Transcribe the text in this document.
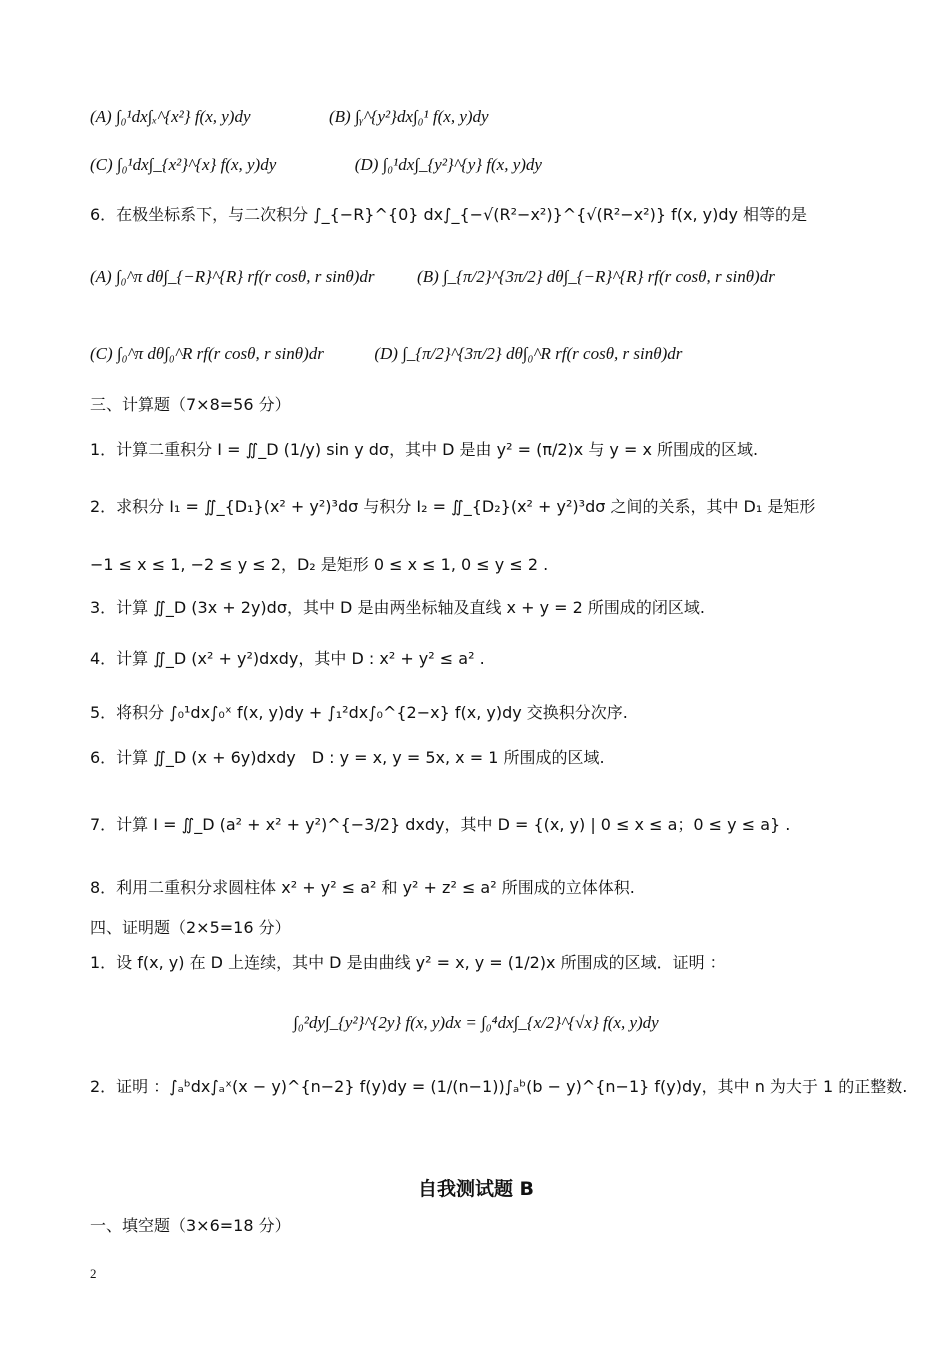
(A) ∫₀¹dx∫ₓ^{x²} f(x, y)dy	(B) ∫ᵧ^{y²}dx∫₀¹ f(x, y)dy
(C) ∫₀¹dx∫_{x²}^{x} f(x, y)dy	(D) ∫₀¹dx∫_{y²}^{y} f(x, y)dy
6．在极坐标系下，与二次积分 ∫_{−R}^{0} dx∫_{−√(R²−x²)}^{√(R²−x²)} f(x, y)dy 相等的是
(A) ∫₀^π dθ∫_{−R}^{R} rf(r cosθ, r sinθ)dr	(B) ∫_{π/2}^{3π/2} dθ∫_{−R}^{R} rf(r cosθ, r sinθ)dr
(C) ∫₀^π dθ∫₀^R rf(r cosθ, r sinθ)dr	(D) ∫_{π/2}^{3π/2} dθ∫₀^R rf(r cosθ, r sinθ)dr
三、计算题（7×8=56 分）
1．计算二重积分 I = ∬_D (1/y) sin y dσ，其中 D 是由 y² = (π/2)x 与 y = x 所围成的区域.
2．求积分 I₁ = ∬_{D₁}(x² + y²)³dσ 与积分 I₂ = ∬_{D₂}(x² + y²)³dσ 之间的关系，其中 D₁ 是矩形
−1 ≤ x ≤ 1, −2 ≤ y ≤ 2，D₂ 是矩形 0 ≤ x ≤ 1, 0 ≤ y ≤ 2 .
3．计算 ∬_D (3x + 2y)dσ，其中 D 是由两坐标轴及直线 x + y = 2 所围成的闭区域.
4．计算 ∬_D (x² + y²)dxdy，其中 D : x² + y² ≤ a² .
5．将积分 ∫₀¹dx∫₀ˣ f(x, y)dy + ∫₁²dx∫₀^{2−x} f(x, y)dy 交换积分次序.
6．计算 ∬_D (x + 6y)dxdy　D : y = x, y = 5x, x = 1 所围成的区域.
7．计算 I = ∬_D (a² + x² + y²)^{−3/2} dxdy，其中 D = {(x, y) | 0 ≤ x ≤ a；0 ≤ y ≤ a} .
8．利用二重积分求圆柱体 x² + y² ≤ a² 和 y² + z² ≤ a² 所围成的立体体积.
四、证明题（2×5=16 分）
1．设 f(x, y) 在 D 上连续，其中 D 是由曲线 y² = x, y = (1/2)x 所围成的区域．证明 ：
∫₀²dy∫_{y²}^{2y} f(x, y)dx = ∫₀⁴dx∫_{x/2}^{√x} f(x, y)dy
2．证明 ：∫ₐᵇdx∫ₐˣ(x − y)^{n−2} f(y)dy = (1/(n−1))∫ₐᵇ(b − y)^{n−1} f(y)dy，其中 n 为大于 1 的正整数.
自我测试题 B
一、填空题（3×6=18 分）
2
